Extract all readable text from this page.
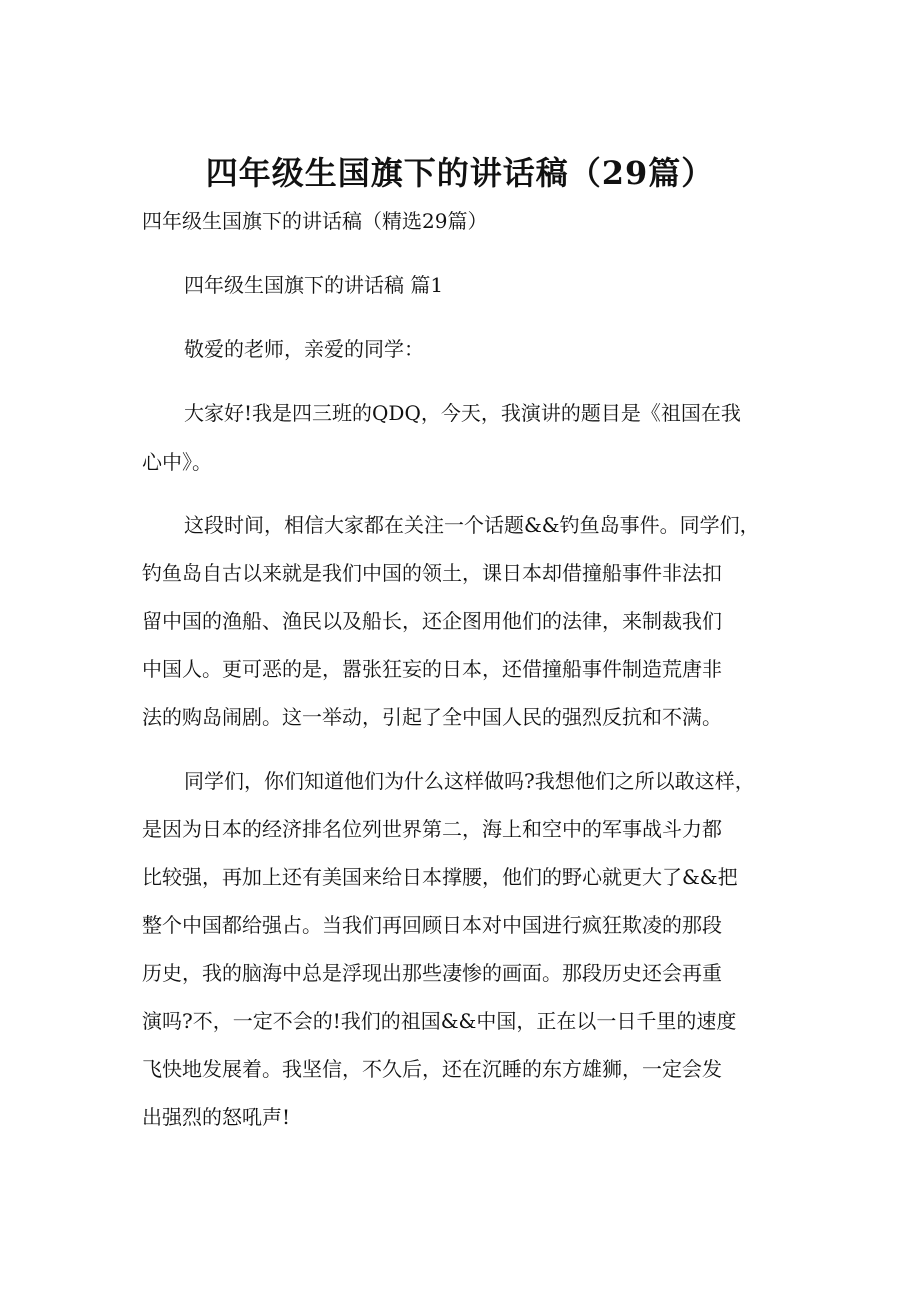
四年级生国旗下的讲话稿（29篇）

四年级生国旗下的讲话稿（精选29篇）

四年级生国旗下的讲话稿 篇1

敬爱的老师，亲爱的同学：

大家好!我是四三班的QDQ，今天，我演讲的题目是《祖国在我

心中》。

这段时间，相信大家都在关注一个话题&&钓鱼岛事件。同学们，

钓鱼岛自古以来就是我们中国的领土，课日本却借撞船事件非法扣

留中国的渔船、渔民以及船长，还企图用他们的法律，来制裁我们

中国人。更可恶的是，嚣张狂妄的日本，还借撞船事件制造荒唐非

法的购岛闹剧。这一举动，引起了全中国人民的强烈反抗和不满。

同学们，你们知道他们为什么这样做吗?我想他们之所以敢这样，

是因为日本的经济排名位列世界第二，海上和空中的军事战斗力都

比较强，再加上还有美国来给日本撑腰，他们的野心就更大了&&把

整个中国都给强占。当我们再回顾日本对中国进行疯狂欺凌的那段

历史，我的脑海中总是浮现出那些凄惨的画面。那段历史还会再重

演吗?不，一定不会的!我们的祖国&&中国，正在以一日千里的速度

飞快地发展着。我坚信，不久后，还在沉睡的东方雄狮，一定会发

出强烈的怒吼声!
